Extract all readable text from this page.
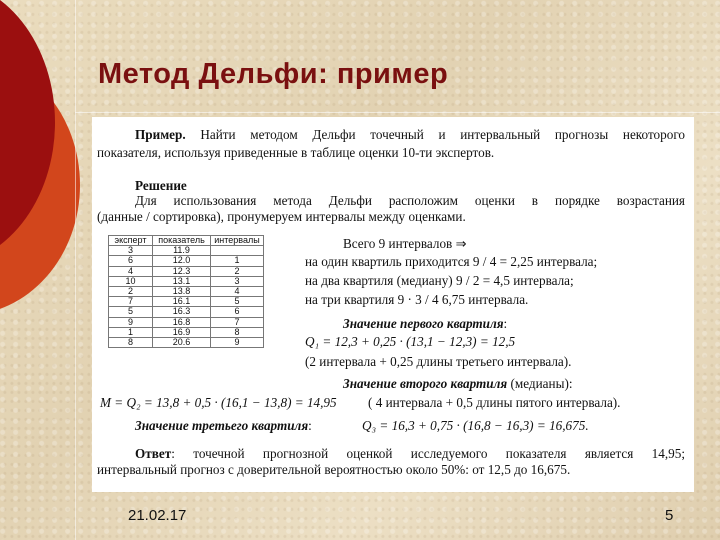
Метод Дельфи: пример
Пример. Найти методом Дельфи точечный и интервальный прогнозы некоторого
показателя, используя приведенные в таблице оценки 10-ти экспертов.
Решение
Для использования метода Дельфи расположим оценки в порядке возрастания
(данные / сортировка), пронумеруем интервалы между оценками.
эксперт	показатель	интервалы
3	11.9	
6	12.0	1
4	12.3	2
10	13.1	3
2	13.8	4
7	16.1	5
5	16.3	6
9	16.8	7
1	16.9	8
8	20.6	9
Всего 9 интервалов ⇒
на один квартиль приходится 9 / 4 = 2,25 интервала;
на два квартиля (медиану) 9 / 2 = 4,5 интервала;
на три квартиля 9 · 3 / 4 6,75 интервала.
Значение первого квартиля:
Q₁ = 12,3 + 0,25 · (13,1 − 12,3) = 12,5
(2 интервала + 0,25 длины третьего интервала).
Значение второго квартиля (медианы):
M = Q₂ = 13,8 + 0,5 · (16,1 − 13,8) = 14,95 ( 4 интервала + 0,5 длины пятого интервала).
Значение третьего квартиля:	Q₃ = 16,3 + 0,75 · (16,8 − 16,3) = 16,675.
Ответ: точечной прогнозной оценкой исследуемого показателя является 14,95;
интервальный прогноз с доверительной вероятностью около 50%: от 12,5 до 16,675.
21.02.17	5
